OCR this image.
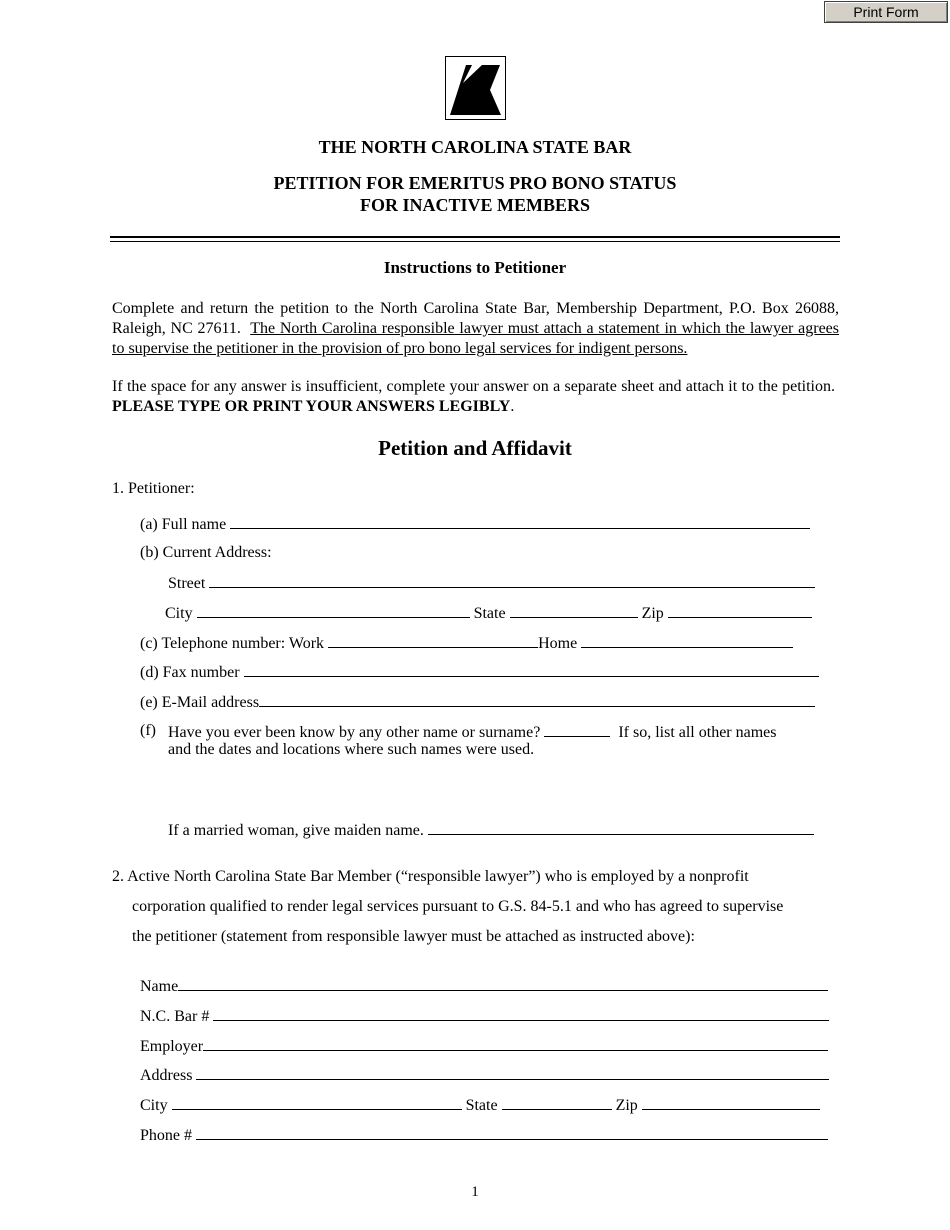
Print Form
THE NORTH CAROLINA STATE BAR
PETITION FOR EMERITUS PRO BONO STATUS
FOR INACTIVE MEMBERS
Instructions to Petitioner
Complete and return the petition to the North Carolina State Bar, Membership Department, P.O. Box 26088, Raleigh, NC 27611. The North Carolina responsible lawyer must attach a statement in which the lawyer agrees to supervise the petitioner in the provision of pro bono legal services for indigent persons.
If the space for any answer is insufficient, complete your answer on a separate sheet and attach it to the petition.  PLEASE TYPE OR PRINT YOUR ANSWERS LEGIBLY.
Petition and Affidavit
1. Petitioner:
(a) Full name
(b) Current Address:
Street
City	State	Zip
(c) Telephone number: Work	Home
(d) Fax number
(e) E-Mail address
(f) Have you ever been know by any other name or surname?	If so, list all other names
and the dates and locations where such names were used.
If a married woman, give maiden name.
2. Active North Carolina State Bar Member (“responsible lawyer”) who is employed by a nonprofit
corporation qualified to render legal services pursuant to G.S. 84-5.1 and who has agreed to supervise
the petitioner (statement from responsible lawyer must be attached as instructed above):
Name
N.C. Bar #
Employer
Address
City	State	Zip
Phone #
1
